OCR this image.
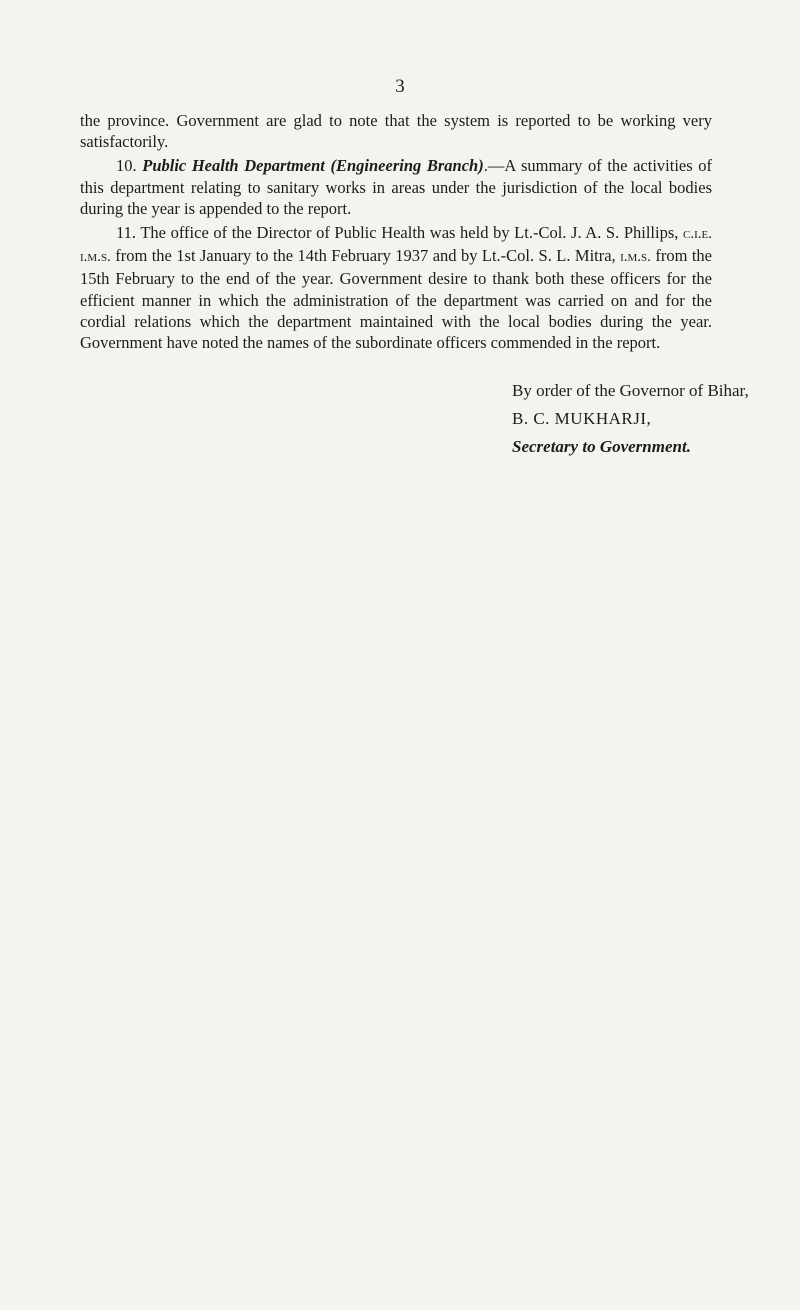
3

the province. Government are glad to note that the system is reported to be working very satisfactorily.

10. Public Health Department (Engineering Branch).—A summary of the activities of this department relating to sanitary works in areas under the jurisdiction of the local bodies during the year is appended to the report.

11. The office of the Director of Public Health was held by Lt.-Col. J. A. S. Phillips, c.i.e. i.m.s. from the 1st January to the 14th February 1937 and by Lt.-Col. S. L. Mitra, i.m.s. from the 15th February to the end of the year. Government desire to thank both these officers for the efficient manner in which the administration of the department was carried on and for the cordial relations which the department maintained with the local bodies during the year. Government have noted the names of the subordinate officers commended in the report.

By order of the Governor of Bihar,
B. C. MUKHARJI,
Secretary to Government.
